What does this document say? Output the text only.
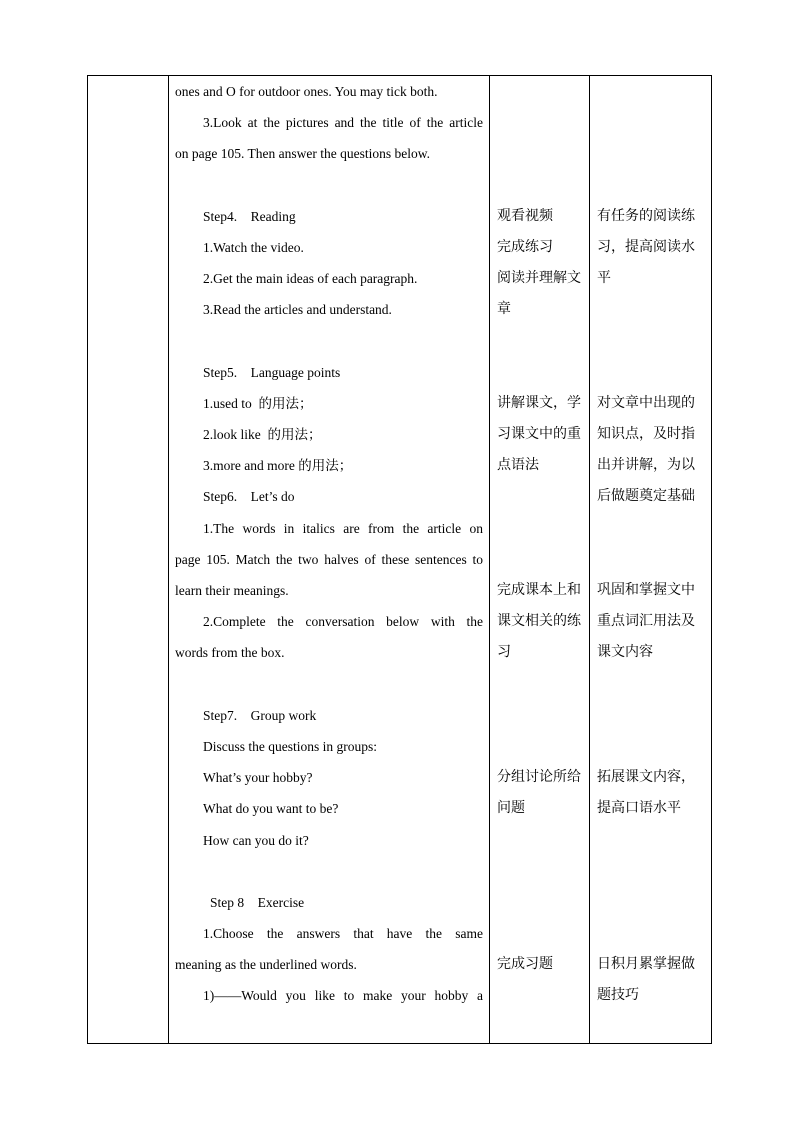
ones and O for outdoor ones. You may tick both.
3.Look at the pictures and the title of the article
on page 105. Then answer the questions below.
Step4.    Reading
1.Watch the video.
2.Get the main ideas of each paragraph.
3.Read the articles and understand.
Step5.    Language points
1.used to  的用法；
2.look like  的用法；
3.more and more 的用法；
Step6.    Let’s do
1.The words in italics are from the article on
page 105. Match the two halves of these sentences to
learn their meanings.
2.Complete the conversation below with the
words from the box.
Step7.    Group work
Discuss the questions in groups:
What’s your hobby?
What do you want to be?
How can you do it?
Step 8    Exercise
1.Choose the answers that have the same
meaning as the underlined words.
1)——Would you like to make your hobby a

观看视频
完成练习
阅读并理解文
章
讲解课文，学
习课文中的重
点语法
完成课本上和
课文相关的练
习
分组讨论所给
问题
完成习题

有任务的阅读练
习，提高阅读水
平
对文章中出现的
知识点，及时指
出并讲解，为以
后做题奠定基础
巩固和掌握文中
重点词汇用法及
课文内容
拓展课文内容，
提高口语水平
日积月累掌握做
题技巧
